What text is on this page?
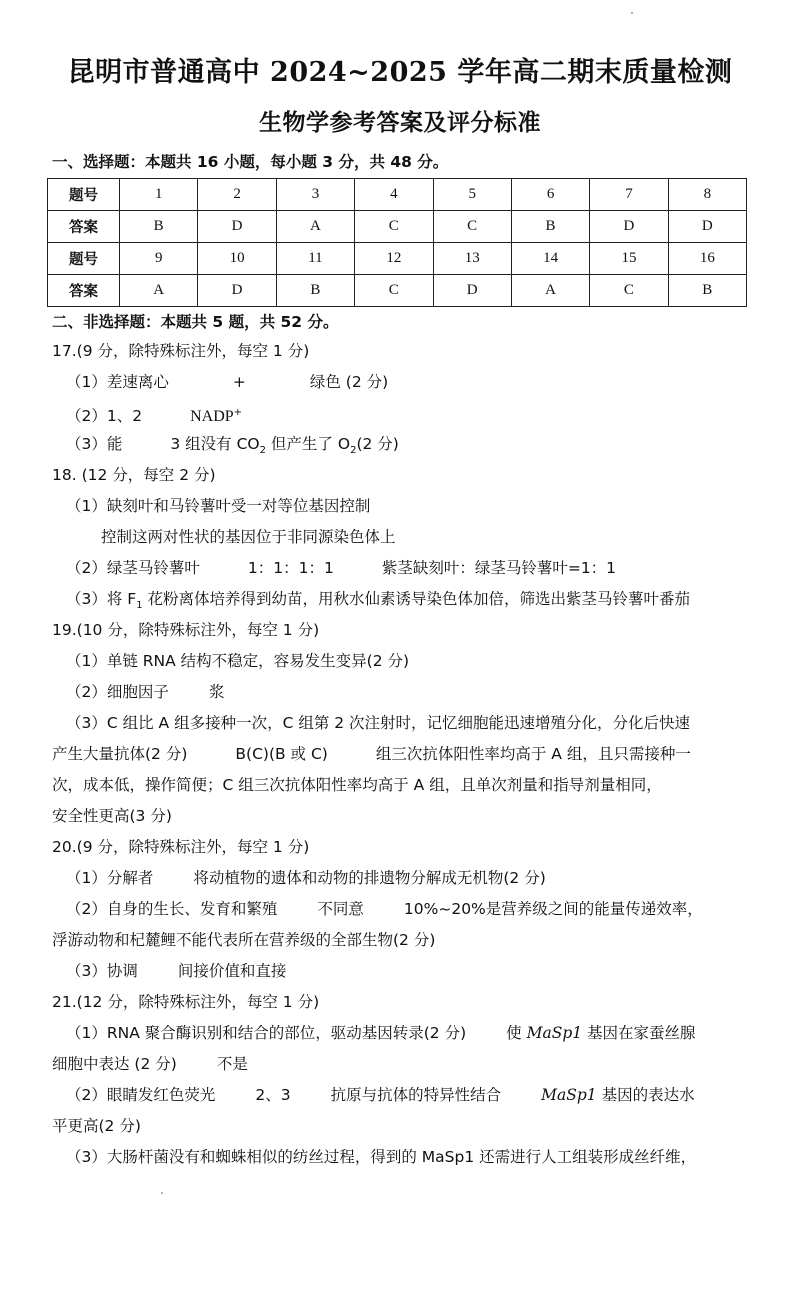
昆明市普通高中 2024~2025 学年高二期末质量检测
生物学参考答案及评分标准
一、选择题：本题共 16 小题，每小题 3 分，共 48 分。
题号	1	2	3	4	5	6	7	8
答案	B	D	A	C	C	B	D	D
题号	9	10	11	12	13	14	15	16
答案	A	D	B	C	D	A	C	B
二、非选择题：本题共 5 题，共 52 分。
17.(9 分，除特殊标注外，每空 1 分)
（1）差速离心	+	绿色 (2 分)
（2）1、2	NADP+
（3）能	3 组没有 $CO_2$ 但产生了 $O_2(2$ 分)
18. (12 分，每空 2 分)
（1）缺刻叶和马铃薯叶受一对等位基因控制
控制这两对性状的基因位于非同源染色体上
（2）绿茎马铃薯叶	1：1：1：1	紫茎缺刻叶：绿茎马铃薯叶=1：1
（3）将 $F_1$ 花粉离体培养得到幼苗，用秋水仙素诱导染色体加倍，筛选出紫茎马铃薯叶番茄
19.(10 分，除特殊标注外，每空 1 分)
（1）单链 RNA 结构不稳定，容易发生变异(2 分)
（2）细胞因子	浆
（3）C 组比 A 组多接种一次，C 组第 2 次注射时，记忆细胞能迅速增殖分化，分化后快速
产生大量抗体(2 分)	B(C)(B 或 C)	组三次抗体阳性率均高于 A 组，且只需接种一
次，成本低，操作简便；C 组三次抗体阳性率均高于 A 组，且单次剂量和指导剂量相同，
安全性更高(3 分)
20.(9 分，除特殊标注外，每空 1 分)
（1）分解者	将动植物的遗体和动物的排遗物分解成无机物(2 分)
（2）自身的生长、发育和繁殖	不同意	10%~20%是营养级之间的能量传递效率，
浮游动物和杞麓鲤不能代表所在营养级的全部生物(2 分)
（3）协调	间接价值和直接
21.(12 分，除特殊标注外，每空 1 分)
（1）RNA 聚合酶识别和结合的部位，驱动基因转录(2 分)	使 MaSp1 基因在家蚕丝腺
细胞中表达 (2 分)	不是
（2）眼睛发红色荧光	2、3	抗原与抗体的特异性结合	MaSp1 基因的表达水
平更高(2 分)
（3）大肠杆菌没有和蜘蛛相似的纺丝过程，得到的 MaSp1 还需进行人工组装形成丝纤维，
